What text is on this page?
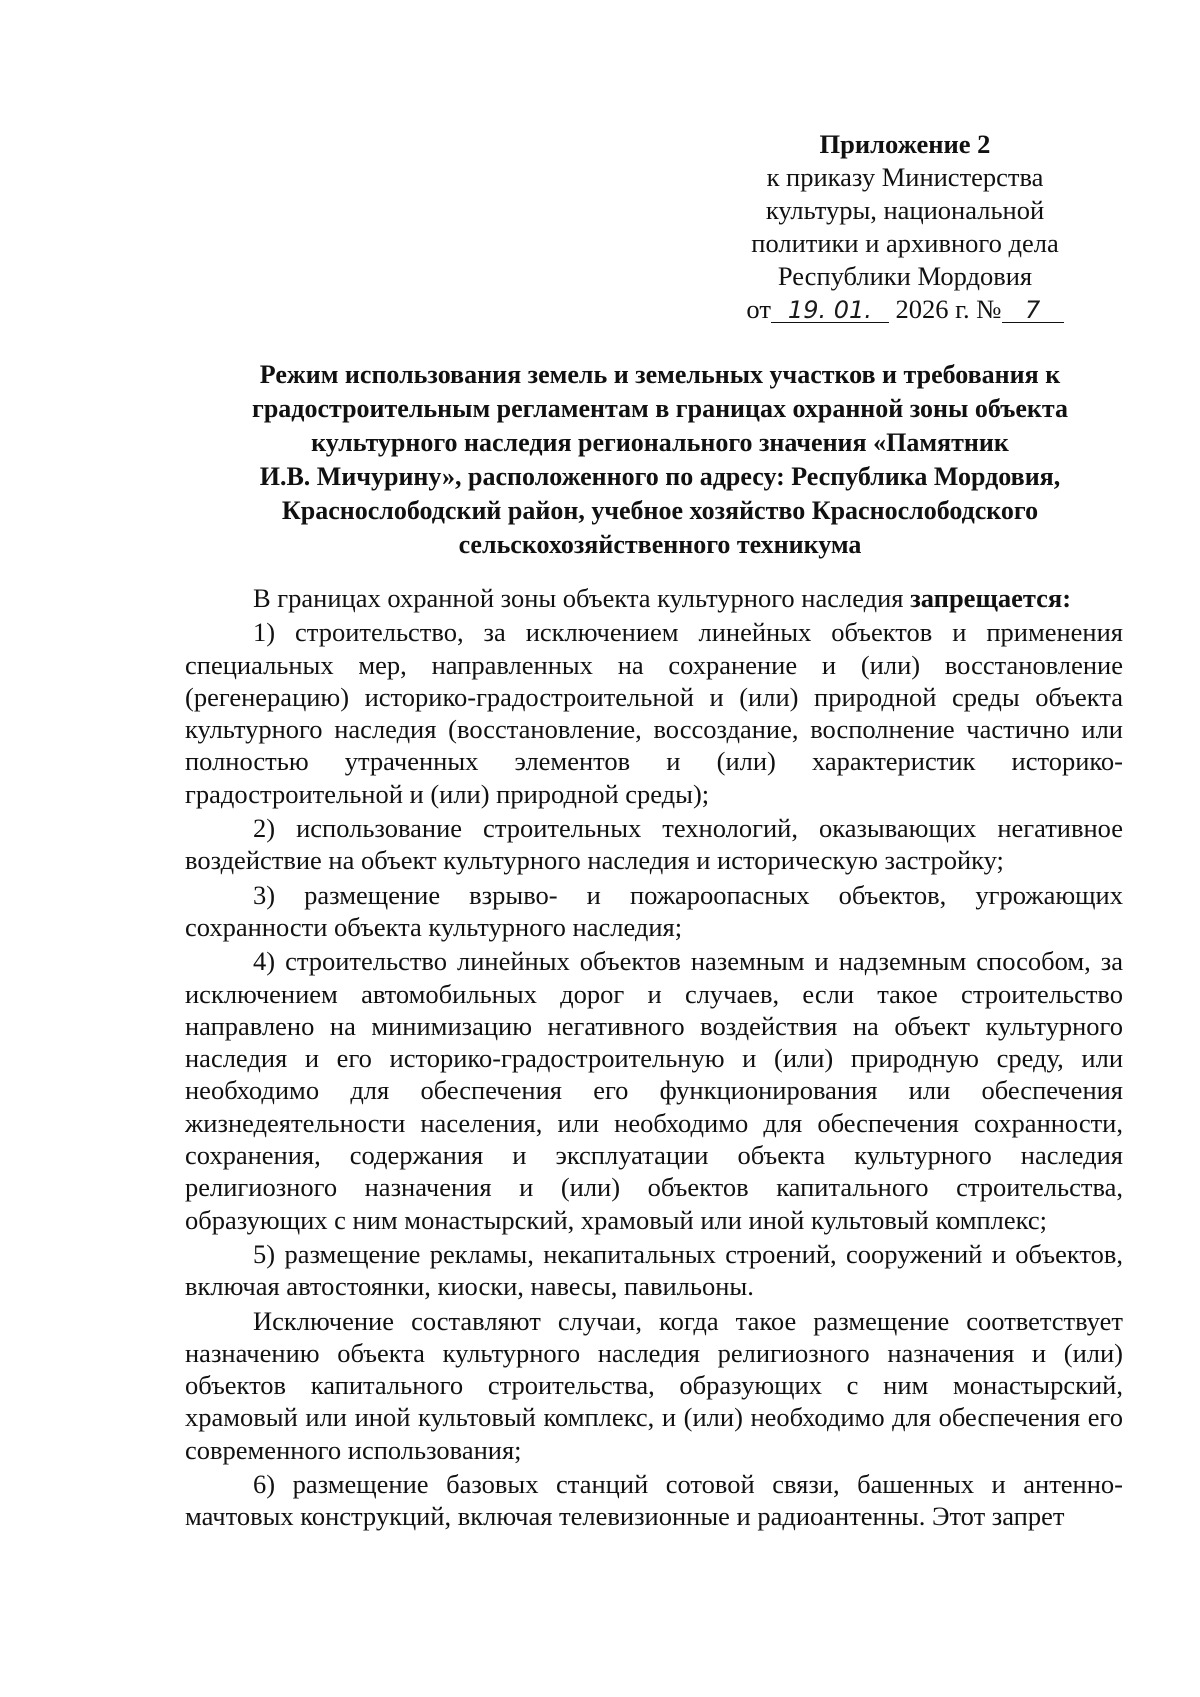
Приложение 2
к приказу Министерства
культуры, национальной
политики и архивного дела
Республики Мордовия
от 19. 01. 2026 г. № 7
Режим использования земель и земельных участков и требования к
градостроительным регламентам в границах охранной зоны объекта
культурного наследия регионального значения «Памятник
И.В. Мичурину», расположенного по адресу: Республика Мордовия,
Краснослободский район, учебное хозяйство Краснослободского
сельскохозяйственного техникума

В границах охранной зоны объекта культурного наследия запрещается:

1) строительство, за исключением линейных объектов и применения специальных мер, направленных на сохранение и (или) восстановление (регенерацию) историко-градостроительной и (или) природной среды объекта культурного наследия (восстановление, воссоздание, восполнение частично или полностью утраченных элементов и (или) характеристик историко-градостроительной и (или) природной среды);

2) использование строительных технологий, оказывающих негативное воздействие на объект культурного наследия и историческую застройку;

3) размещение взрыво- и пожароопасных объектов, угрожающих сохранности объекта культурного наследия;

4) строительство линейных объектов наземным и надземным способом, за исключением автомобильных дорог и случаев, если такое строительство направлено на минимизацию негативного воздействия на объект культурного наследия и его историко-градостроительную и (или) природную среду, или необходимо для обеспечения его функционирования или обеспечения жизнедеятельности населения, или необходимо для обеспечения сохранности, сохранения, содержания и эксплуатации объекта культурного наследия религиозного назначения и (или) объектов капитального строительства, образующих с ним монастырский, храмовый или иной культовый комплекс;

5) размещение рекламы, некапитальных строений, сооружений и объектов, включая автостоянки, киоски, навесы, павильоны.

Исключение составляют случаи, когда такое размещение соответствует назначению объекта культурного наследия религиозного назначения и (или) объектов капитального строительства, образующих с ним монастырский, храмовый или иной культовый комплекс, и (или) необходимо для обеспечения его современного использования;

6) размещение базовых станций сотовой связи, башенных и антенно-мачтовых конструкций, включая телевизионные и радиоантенны. Этот запрет
